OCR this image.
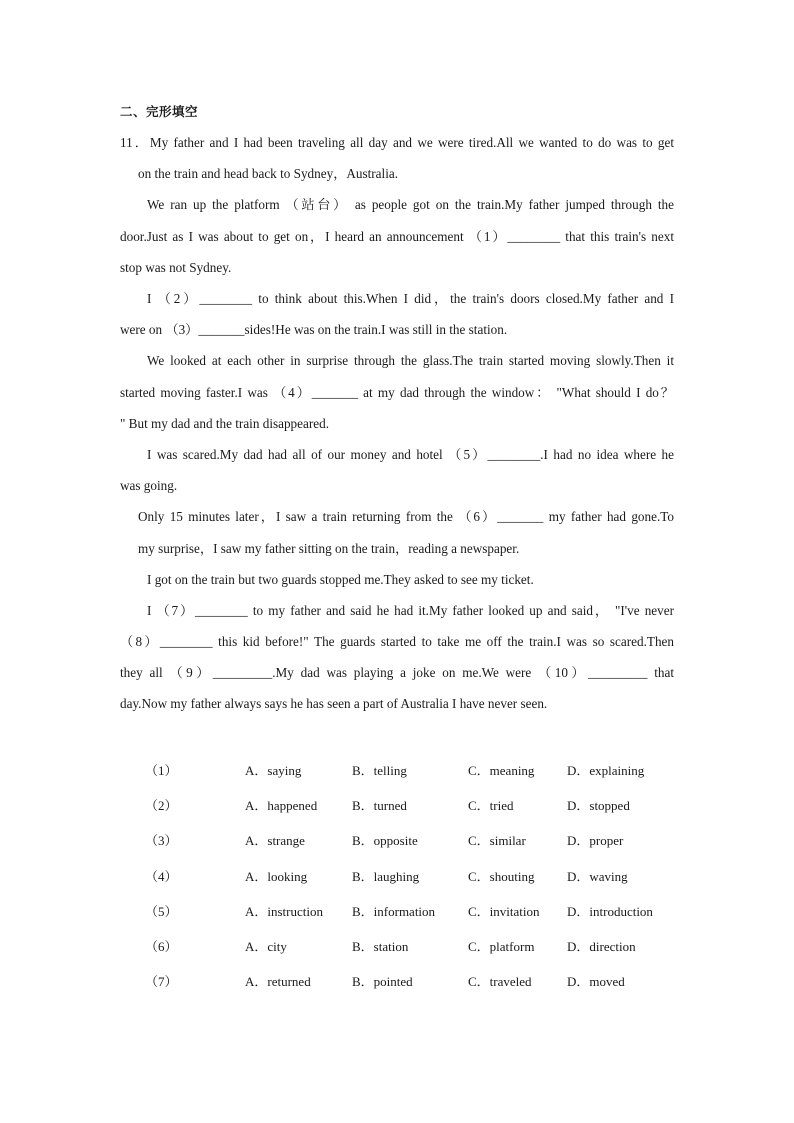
二、完形填空
11．My father and I had been traveling all day and we were tired.All we wanted to do was to get
on the train and head back to Sydney，Australia.
We ran up the platform （站台） as people got on the train.My father jumped through the
door.Just as I was about to get on，I heard an announcement （1）________ that this train's next
stop was not Sydney.
I （2）________ to think about this.When I did，the train's doors closed.My father and I
were on （3）_______sides!He was on the train.I was still in the station.
We looked at each other in surprise through the glass.The train started moving slowly.Then it
started moving faster.I was （4）_______ at my dad through the window： "What should I do？
" But my dad and the train disappeared.
I was scared.My dad had all of our money and hotel （5）________.I had no idea where he
was going.
Only 15 minutes later，I saw a train returning from the （6）_______ my father had gone.To
my surprise，I saw my father sitting on the train，reading a newspaper.
I got on the train but two guards stopped me.They asked to see my ticket.
I （7）________ to my father and said he had it.My father looked up and said， "I've never
（8）________ this kid before!" The guards started to take me off the train.I was so scared.Then
they all （9）_________.My dad was playing a joke on me.We were （10）_________ that
day.Now my father always says he has seen a part of Australia I have never seen.
（1）	A．saying	B．telling	C．meaning	D．explaining
（2）	A．happened	B．turned	C．tried	D．stopped
（3）	A．strange	B．opposite	C．similar	D．proper
（4）	A．looking	B．laughing	C．shouting	D．waving
（5）	A．instruction B．information	C．invitation D．introduction
（6）	A．city	B．station	C．platform	D．direction
（7）	A．returned	B．pointed	C．traveled	D．moved
